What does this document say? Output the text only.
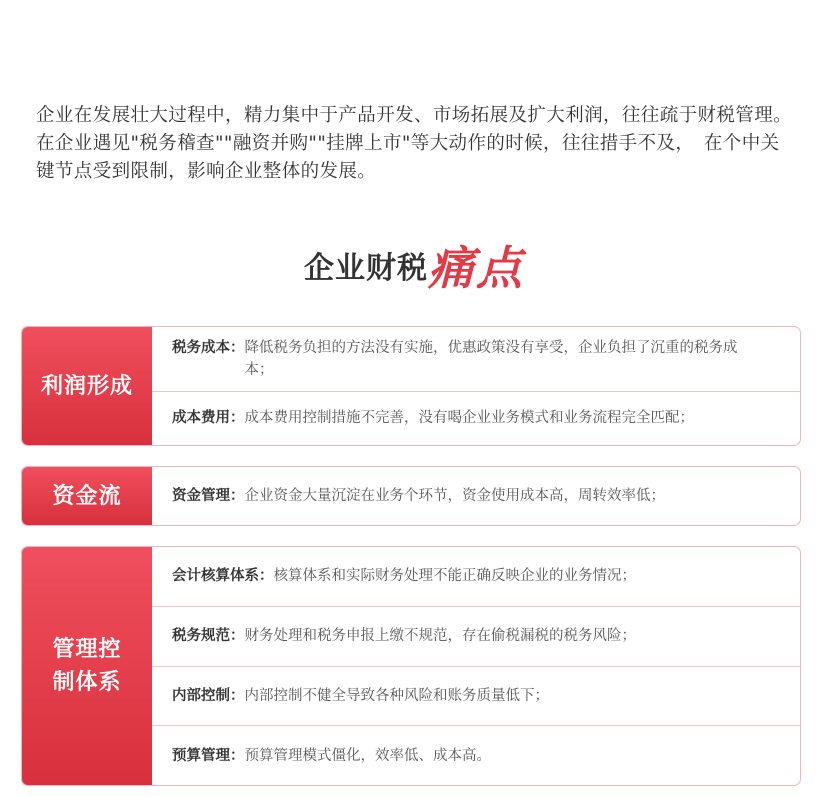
企业在发展壮大过程中，精力集中于产品开发、市场拓展及扩大利润，往往疏于财税管理。　在企业遇见"税务稽查""融资并购""挂牌上市"等大动作的时候，往往措手不及，　在个中关键节点受到限制，影响企业整体的发展。
企业财税痛点
利润形成
税务成本： 降低税务负担的方法没有实施，优惠政策没有享受，企业负担了沉重的税务成本；
成本费用： 成本费用控制措施不完善，没有喝企业业务模式和业务流程完全匹配；
资金流	资金管理： 企业资金大量沉淀在业务个环节，资金使用成本高，周转效率低；
管理控制体系
会计核算体系： 核算体系和实际财务处理不能正确反映企业的业务情况；
税务规范： 财务处理和税务申报上缴不规范，存在偷税漏税的税务风险；
内部控制： 内部控制不健全导致各种风险和账务质量低下；
预算管理： 预算管理模式僵化，效率低、成本高。
